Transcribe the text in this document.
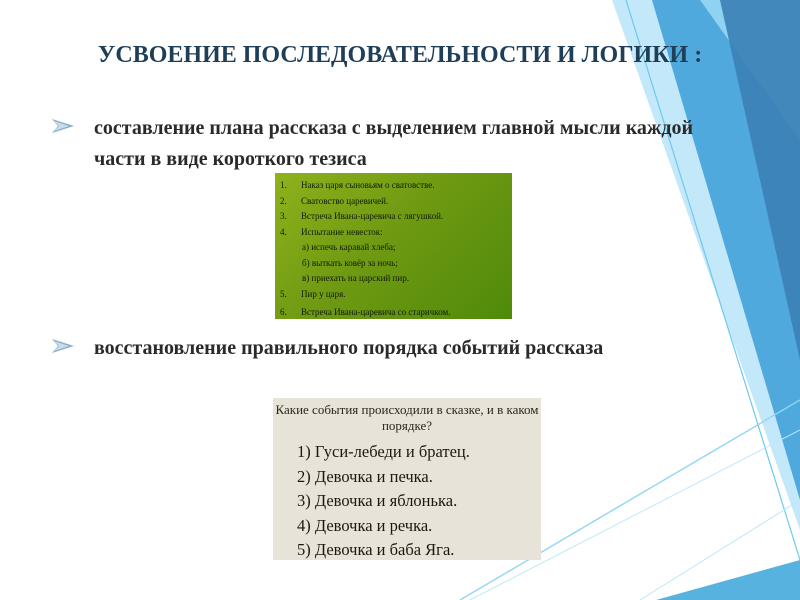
УСВОЕНИЕ ПОСЛЕДОВАТЕЛЬНОСТИ И ЛОГИКИ :
составление плана рассказа с выделением главной мысли каждой части в виде короткого тезиса
1. Наказ царя сыновьям о сватовстве.
2. Сватовство царевичей.
3. Встреча Ивана-царевича с лягушкой.
4. Испытание невесток:
а) испечь каравай хлеба;
б) выткать ковёр за ночь;
в) приехать на царский пир.
5. Пир у царя.
6. Встреча Ивана-царевича со старичком.
восстановление правильного порядка событий рассказа
Какие события происходили в сказке, и в каком порядке?
1) Гуси-лебеди и братец.
2) Девочка и печка.
3) Девочка и яблонька.
4) Девочка и речка.
5) Девочка и баба Яга.
